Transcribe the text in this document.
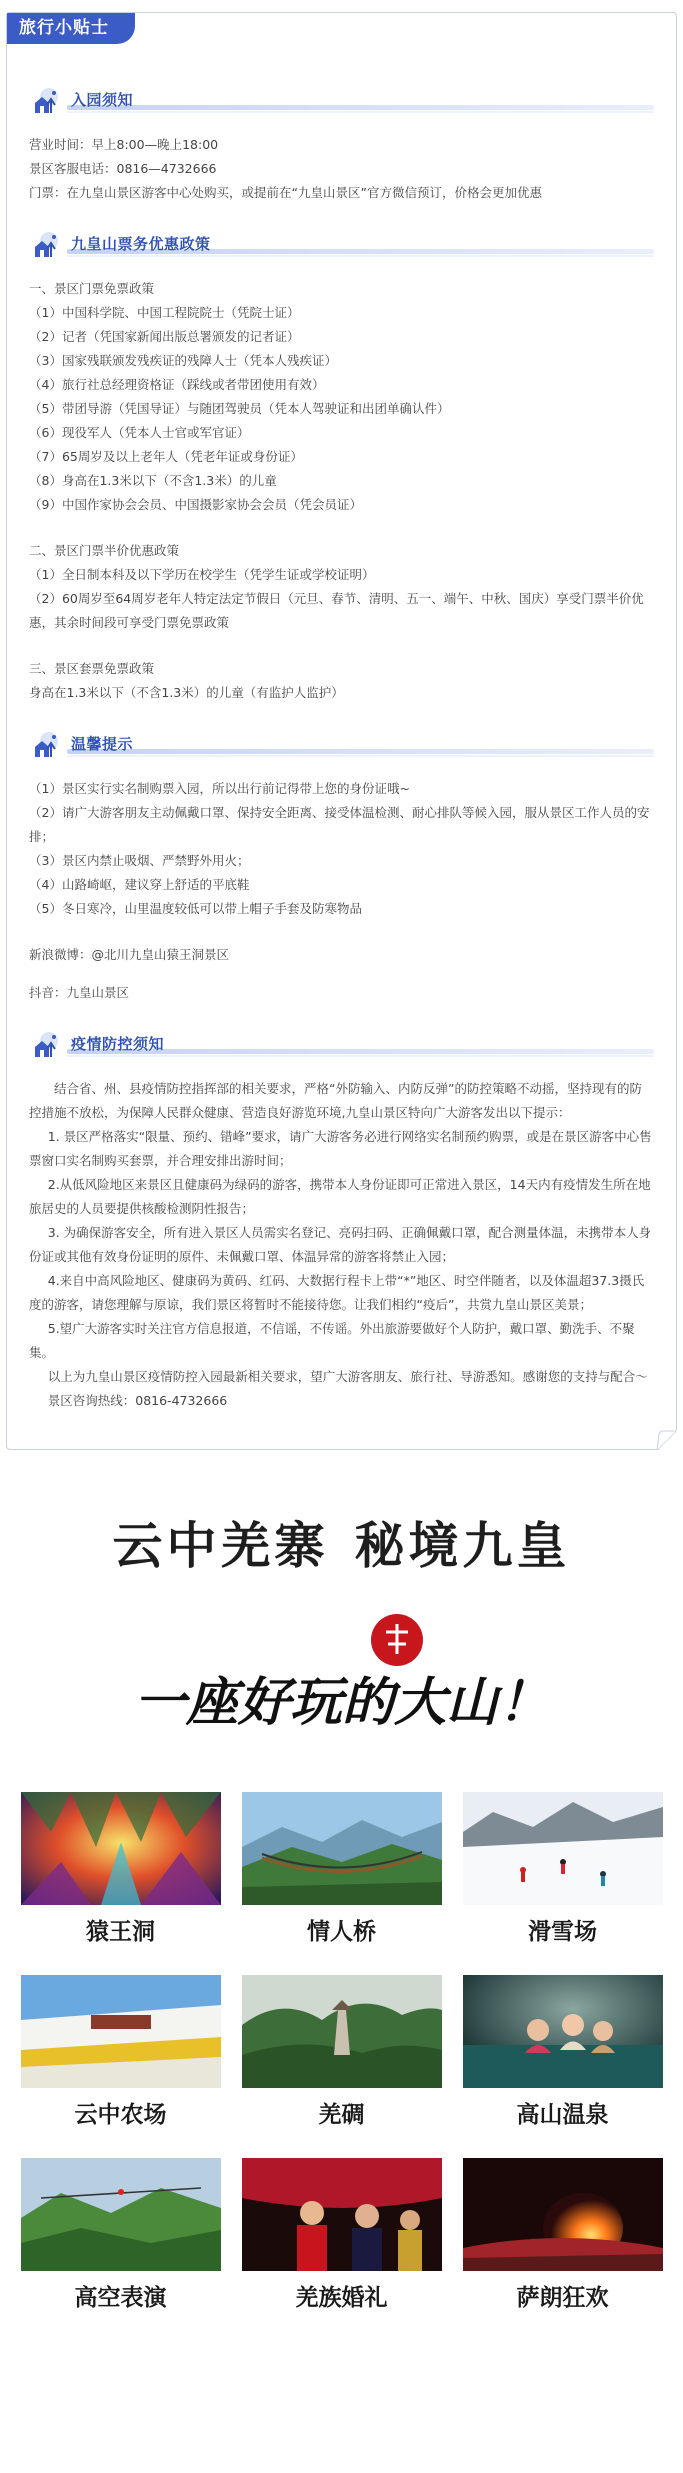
旅行小贴士
入园须知
营业时间：早上8:00—晚上18:00
景区客服电话：0816—4732666
门票：在九皇山景区游客中心处购买，或提前在“九皇山景区”官方微信预订，价格会更加优惠
九皇山票务优惠政策
一、景区门票免票政策
（1）中国科学院、中国工程院院士（凭院士证）
（2）记者（凭国家新闻出版总署颁发的记者证）
（3）国家残联颁发残疾证的残障人士（凭本人残疾证）
（4）旅行社总经理资格证（踩线或者带团使用有效）
（5）带团导游（凭国导证）与随团驾驶员（凭本人驾驶证和出团单确认件）
（6）现役军人（凭本人士官或军官证）
（7）65周岁及以上老年人（凭老年证或身份证）
（8）身高在1.3米以下（不含1.3米）的儿童
（9）中国作家协会会员、中国摄影家协会会员（凭会员证）
二、景区门票半价优惠政策
（1）全日制本科及以下学历在校学生（凭学生证或学校证明）
（2）60周岁至64周岁老年人特定法定节假日（元旦、春节、清明、五一、端午、中秋、国庆）享受门票半价优惠，其余时间段可享受门票免票政策
三、景区套票免票政策
身高在1.3米以下（不含1.3米）的儿童（有监护人监护）
温馨提示
（1）景区实行实名制购票入园，所以出行前记得带上您的身份证哦~
（2）请广大游客朋友主动佩戴口罩、保持安全距离、接受体温检测、耐心排队等候入园，服从景区工作人员的安排；
（3）景区内禁止吸烟、严禁野外用火；
（4）山路崎岖，建议穿上舒适的平底鞋
（5）冬日寒冷，山里温度较低可以带上帽子手套及防寒物品
新浪微博：@北川九皇山猿王洞景区
抖音：九皇山景区
疫情防控须知
结合省、州、县疫情防控指挥部的相关要求，严格“外防输入、内防反弹”的防控策略不动摇，坚持现有的防控措施不放松，为保障人民群众健康、营造良好游览环境,九皇山景区特向广大游客发出以下提示：
1. 景区严格落实“限量、预约、错峰”要求，请广大游客务必进行网络实名制预约购票，或是在景区游客中心售票窗口实名制购买套票，并合理安排出游时间；
2.从低风险地区来景区且健康码为绿码的游客，携带本人身份证即可正常进入景区，14天内有疫情发生所在地旅居史的人员要提供核酸检测阴性报告；
3. 为确保游客安全，所有进入景区人员需实名登记、亮码扫码、正确佩戴口罩，配合测量体温，未携带本人身份证或其他有效身份证明的原件、未佩戴口罩、体温异常的游客将禁止入园；
4.来自中高风险地区、健康码为黄码、红码、大数据行程卡上带“*”地区、时空伴随者，以及体温超37.3摄氏度的游客，请您理解与原谅，我们景区将暂时不能接待您。让我们相约“疫后”，共赏九皇山景区美景；
5.望广大游客实时关注官方信息报道，不信谣，不传谣。外出旅游要做好个人防护，戴口罩、勤洗手、不聚集。
以上为九皇山景区疫情防控入园最新相关要求，望广大游客朋友、旅行社、导游悉知。感谢您的支持与配合～
景区咨询热线：0816-4732666
云中羌寨 秘境九皇
一座好玩的大山！
猿王洞	情人桥	滑雪场
云中农场	羌碉	高山温泉
高空表演	羌族婚礼	萨朗狂欢
